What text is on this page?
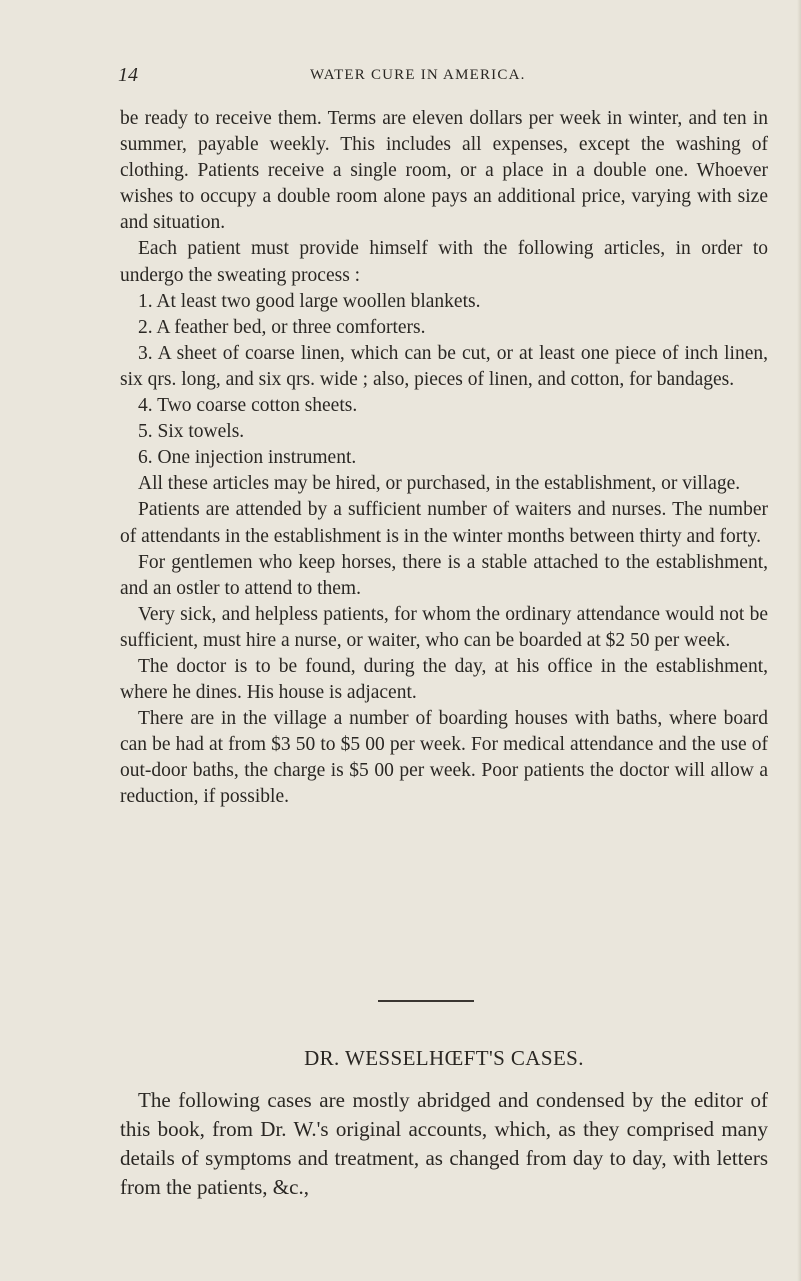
14	WATER CURE IN AMERICA.

be ready to receive them. Terms are eleven dollars per week in winter, and ten in summer, payable weekly. This includes all expenses, except the washing of clothing. Patients receive a single room, or a place in a double one. Whoever wishes to occupy a double room alone pays an additional price, varying with size and situation.

Each patient must provide himself with the following articles, in order to undergo the sweating process :

1. At least two good large woollen blankets.

2. A feather bed, or three comforters.

3. A sheet of coarse linen, which can be cut, or at least one piece of inch linen, six qrs. long, and six qrs. wide ; also, pieces of linen, and cotton, for bandages.

4. Two coarse cotton sheets.

5. Six towels.

6. One injection instrument.

All these articles may be hired, or purchased, in the establishment, or village.

Patients are attended by a sufficient number of waiters and nurses. The number of attendants in the establishment is in the winter months between thirty and forty.

For gentlemen who keep horses, there is a stable attached to the establishment, and an ostler to attend to them.

Very sick, and helpless patients, for whom the ordinary attendance would not be sufficient, must hire a nurse, or waiter, who can be boarded at $2 50 per week.

The doctor is to be found, during the day, at his office in the establishment, where he dines. His house is adjacent.

There are in the village a number of boarding houses with baths, where board can be had at from $3 50 to $5 00 per week. For medical attendance and the use of out-door baths, the charge is $5 00 per week. Poor patients the doctor will allow a reduction, if possible.

DR. WESSELHŒFT'S CASES.

The following cases are mostly abridged and condensed by the editor of this book, from Dr. W.'s original accounts, which, as they comprised many details of symptoms and treatment, as changed from day to day, with letters from the patients, &c.,
